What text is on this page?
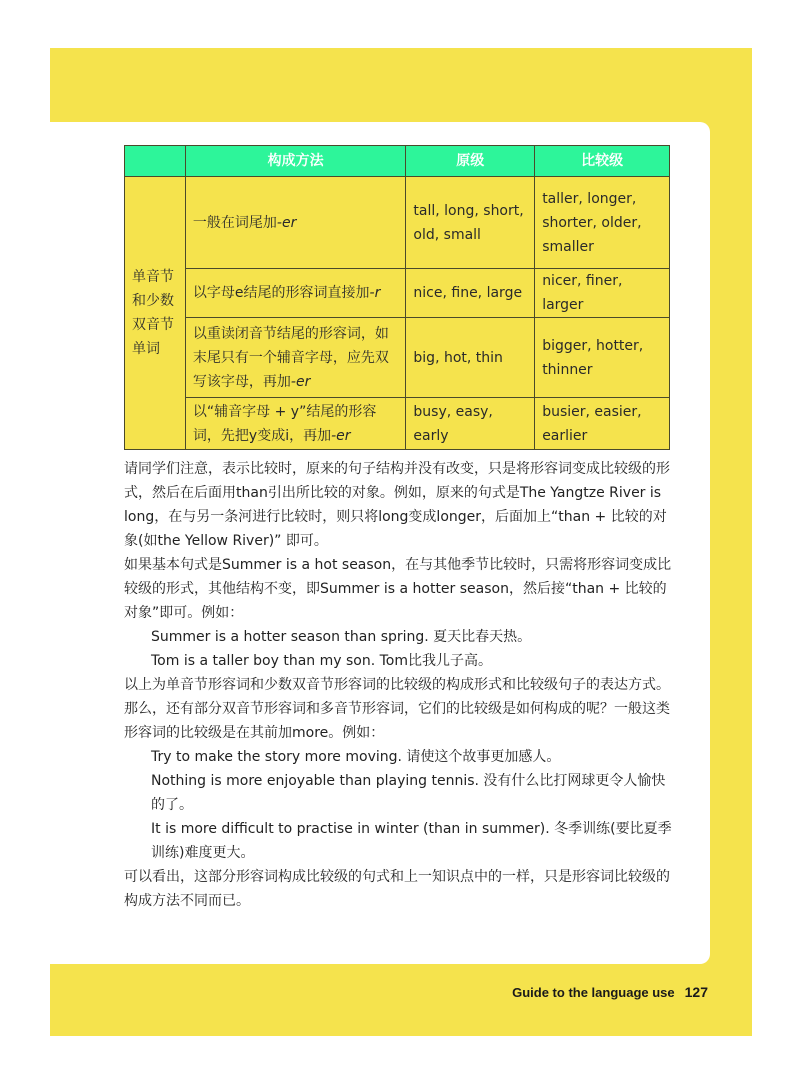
	构成方法	原级	比较级
单音节和少数双音节单词	一般在词尾加-er	tall, long, short, old, small	taller, longer, shorter, older, smaller
	以字母e结尾的形容词直接加-r	nice, fine, large	nicer, finer, larger
	以重读闭音节结尾的形容词，如末尾只有一个辅音字母，应先双写该字母，再加-er	big, hot, thin	bigger, hotter, thinner
	以“辅音字母 + y”结尾的形容词，先把y变成i，再加-er	busy, easy, early	busier, easier, earlier

请同学们注意，表示比较时，原来的句子结构并没有改变，只是将形容词变成比较级的形式，然后在后面用than引出所比较的对象。例如，原来的句式是The Yangtze River is long，在与另一条河进行比较时，则只将long变成longer，后面加上“than + 比较的对象(如the Yellow River)” 即可。

如果基本句式是Summer is a hot season，在与其他季节比较时，只需将形容词变成比较级的形式，其他结构不变，即Summer is a hotter season，然后接“than + 比较的对象”即可。例如：

Summer is a hotter season than spring. 夏天比春天热。

Tom is a taller boy than my son. Tom比我儿子高。

以上为单音节形容词和少数双音节形容词的比较级的构成形式和比较级句子的表达方式。那么，还有部分双音节形容词和多音节形容词，它们的比较级是如何构成的呢？一般这类形容词的比较级是在其前加more。例如：

Try to make the story more moving. 请使这个故事更加感人。

Nothing is more enjoyable than playing tennis. 没有什么比打网球更令人愉快的了。

It is more difficult to practise in winter (than in summer). 冬季训练(要比夏季训练)难度更大。

可以看出，这部分形容词构成比较级的句式和上一知识点中的一样，只是形容词比较级的构成方法不同而已。

Guide to the language use 127
